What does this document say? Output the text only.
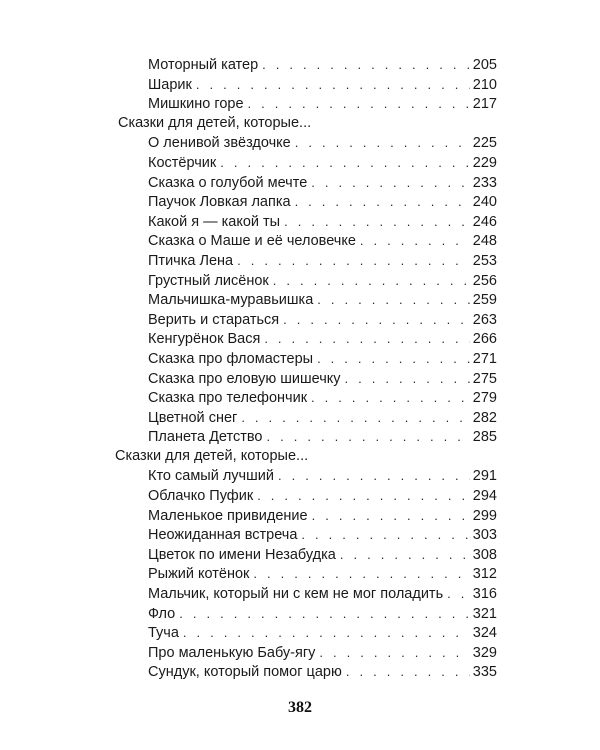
Моторный катер . . .	205
Шарик . . .	210
Мишкино горе . . .	217
Сказки для детей, которые...
О ленивой звёздочке . . .	225
Костёрчик . . .	229
Сказка о голубой мечте . . .	233
Паучок Ловкая лапка . . .	240
Какой я — какой ты . . .	246
Сказка о Маше и её человечке . . .	248
Птичка Лена . . .	253
Грустный лисёнок . . .	256
Мальчишка-муравьишка . . .	259
Верить и стараться . . .	263
Кенгурёнок Вася . . .	266
Сказка про фломастеры . . .	271
Сказка про еловую шишечку . . .	275
Сказка про телефончик . . .	279
Цветной снег . . .	282
Планета Детство . . .	285
Сказки для детей, которые...
Кто самый лучший . . .	291
Облачко Пуфик . . .	294
Маленькое привидение . . .	299
Неожиданная встреча . . .	303
Цветок по имени Незабудка . . .	308
Рыжий котёнок . . .	312
Мальчик, который ни с кем не мог поладить . . . 316
Фло . . .	321
Туча . . .	324
Про маленькую Бабу-ягу . . .	329
Сундук, который помог царю . . .	335
382
